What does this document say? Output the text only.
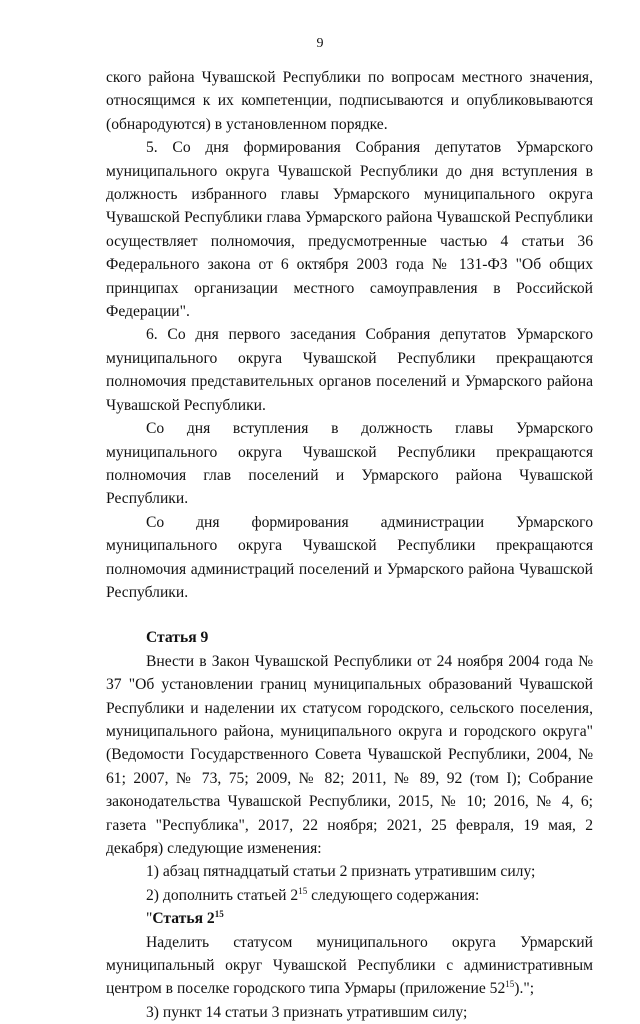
9

ского района Чувашской Республики по вопросам местного значения, относящимся к их компетенции, подписываются и опубликовываются (обнародуются) в установленном порядке.

5. Со дня формирования Собрания депутатов Урмарского муниципального округа Чувашской Республики до дня вступления в должность избранного главы Урмарского муниципального округа Чувашской Республики глава Урмарского района Чувашской Республики осуществляет полномочия, предусмотренные частью 4 статьи 36 Федерального закона от 6 октября 2003 года № 131-ФЗ "Об общих принципах организации местного самоуправления в Российской Федерации".

6. Со дня первого заседания Собрания депутатов Урмарского муниципального округа Чувашской Республики прекращаются полномочия представительных органов поселений и Урмарского района Чувашской Республики.

Со дня вступления в должность главы Урмарского муниципального округа Чувашской Республики прекращаются полномочия глав поселений и Урмарского района Чувашской Республики.

Со дня формирования администрации Урмарского муниципального округа Чувашской Республики прекращаются полномочия администраций поселений и Урмарского района Чувашской Республики.

Статья 9

Внести в Закон Чувашской Республики от 24 ноября 2004 года № 37 "Об установлении границ муниципальных образований Чувашской Республики и наделении их статусом городского, сельского поселения, муниципального района, муниципального округа и городского округа" (Ведомости Государственного Совета Чувашской Республики, 2004, № 61; 2007, № 73, 75; 2009, № 82; 2011, № 89, 92 (том I); Собрание законодательства Чувашской Республики, 2015, № 10; 2016, № 4, 6; газета "Республика", 2017, 22 ноября; 2021, 25 февраля, 19 мая, 2 декабря) следующие изменения:

1) абзац пятнадцатый статьи 2 признать утратившим силу;

2) дополнить статьей $2^{15}$ следующего содержания:

"Статья $2^{15}$

Наделить статусом муниципального округа Урмарский муниципальный округ Чувашской Республики с административным центром в поселке городского типа Урмары (приложение $52^{15}$).";

3) пункт 14 статьи 3 признать утратившим силу;
